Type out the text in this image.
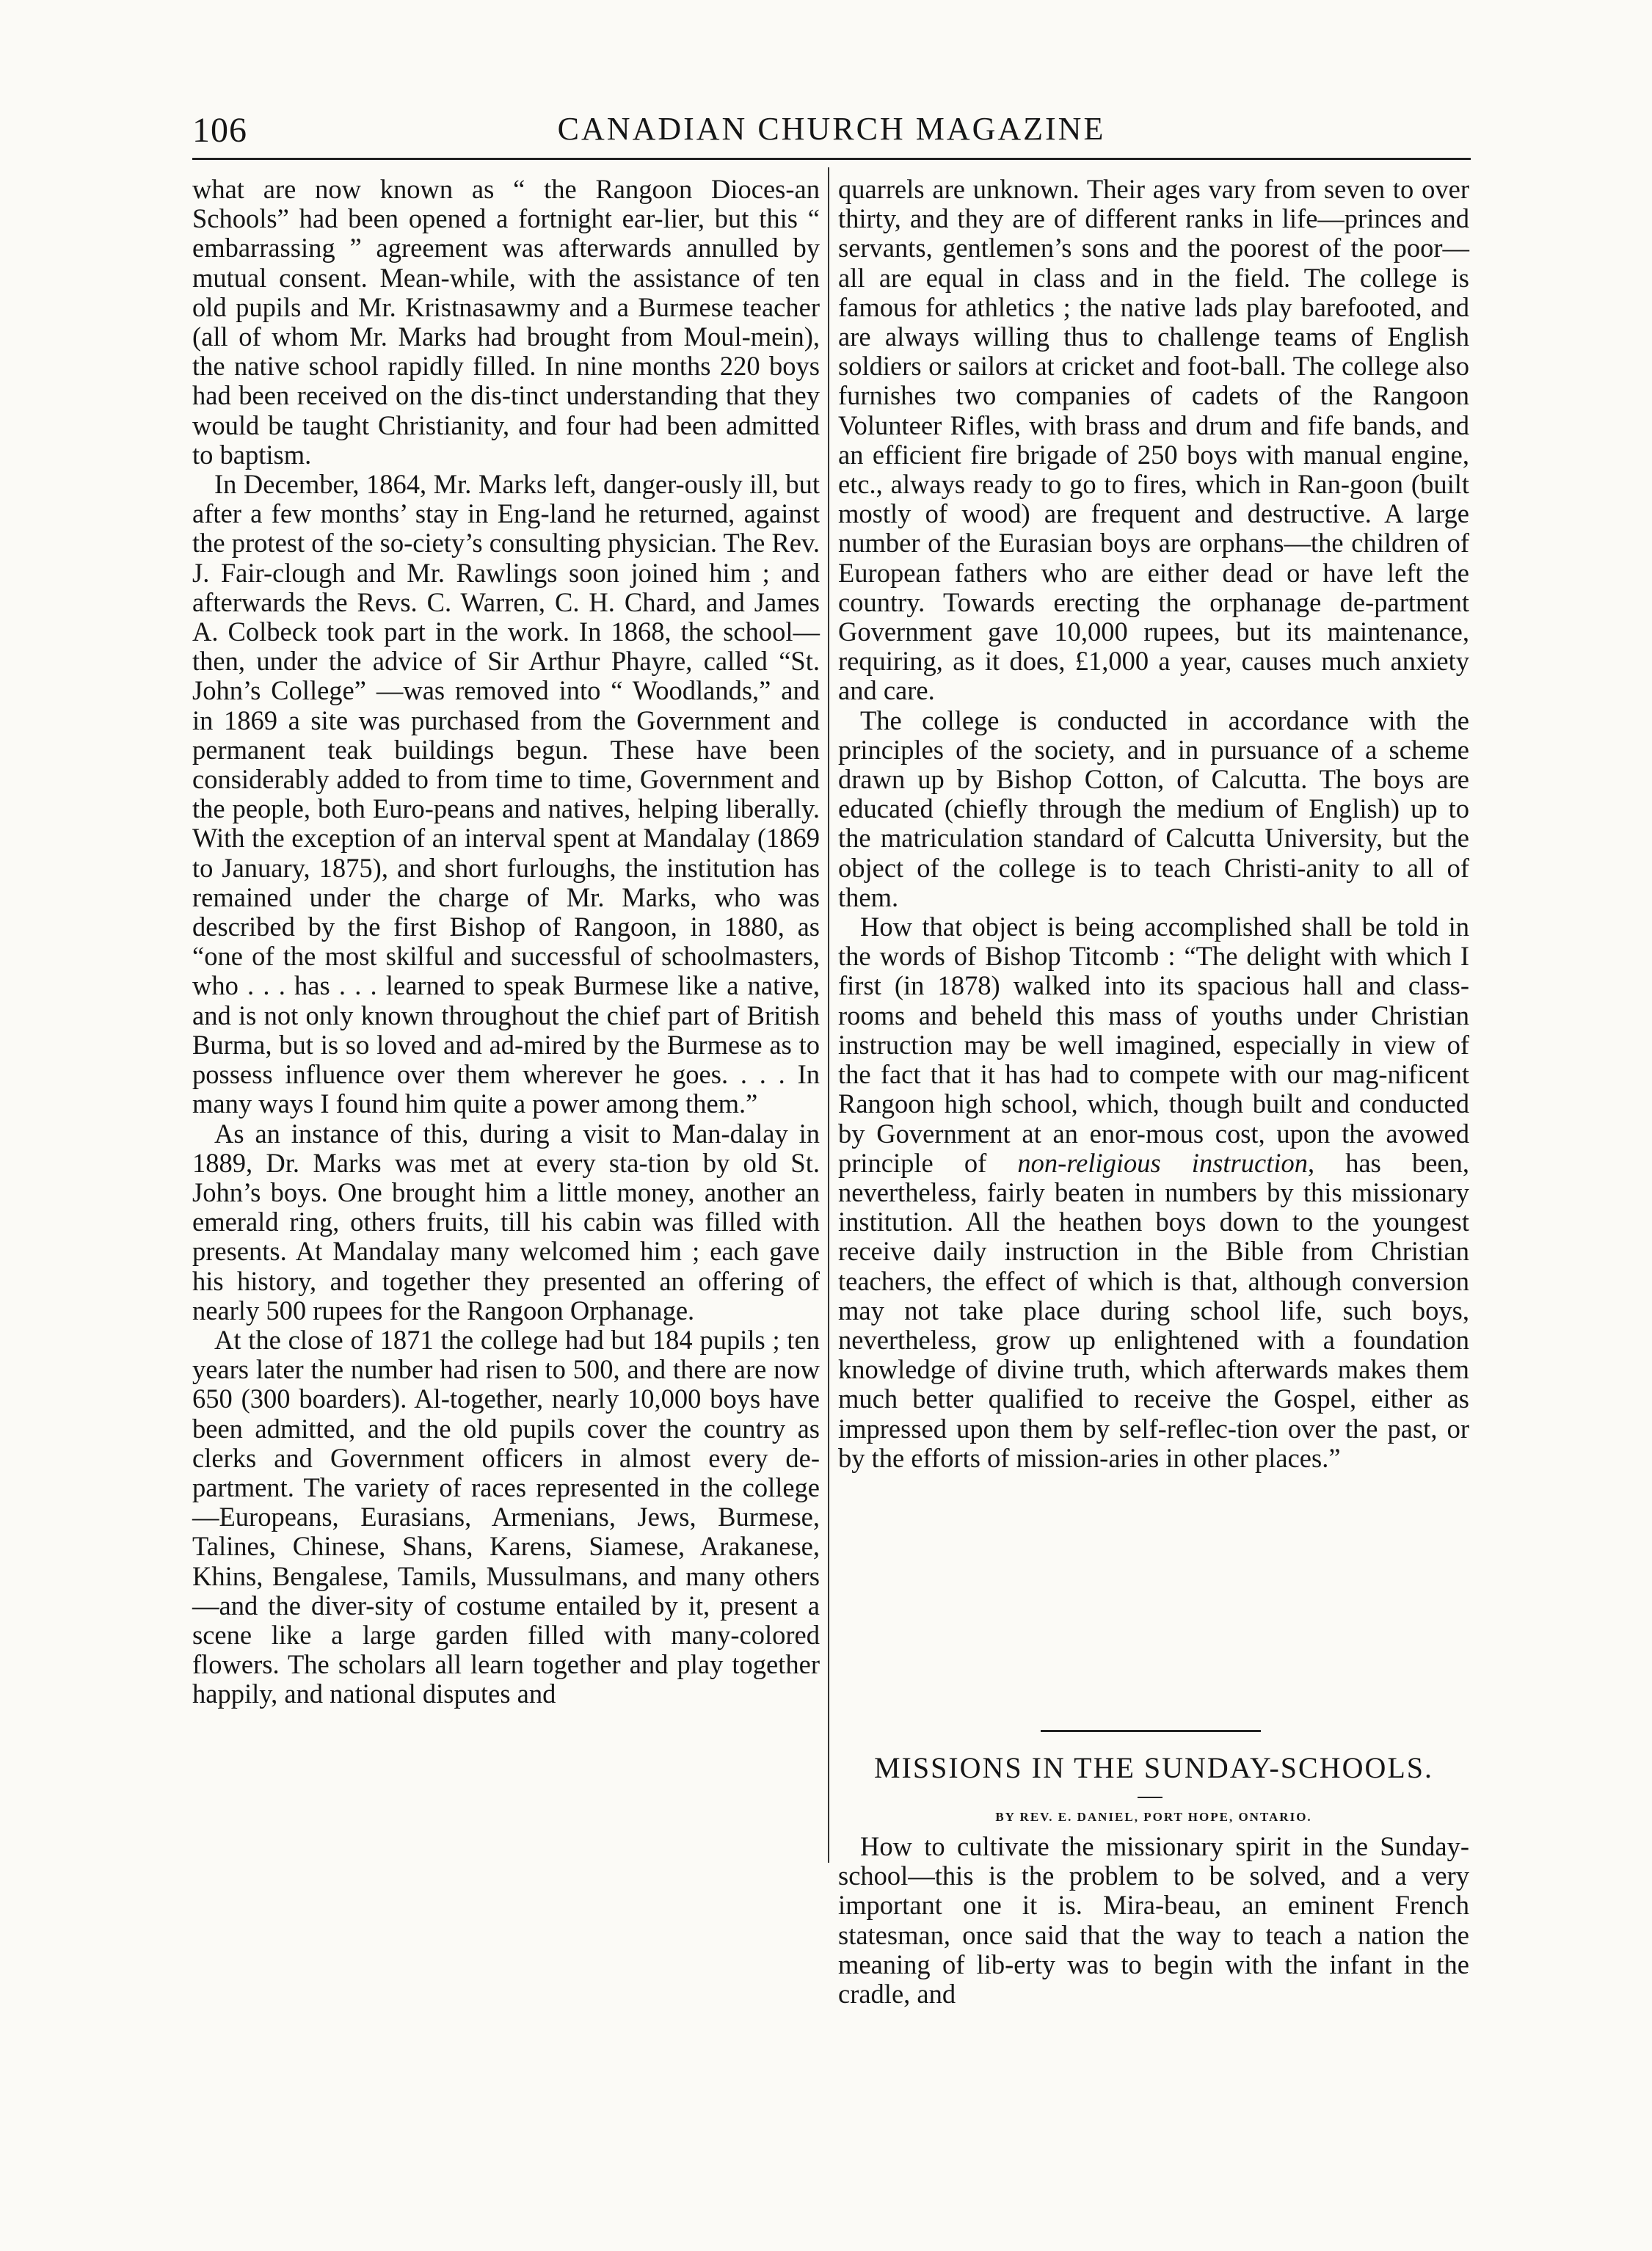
106	CANADIAN CHURCH MAGAZINE

what are now known as “ the Rangoon Dioces-an Schools” had been opened a fortnight ear-lier, but this “ embarrassing ” agreement was afterwards annulled by mutual consent. Mean-while, with the assistance of ten old pupils and Mr. Kristnasawmy and a Burmese teacher (all of whom Mr. Marks had brought from Moul-mein), the native school rapidly filled. In nine months 220 boys had been received on the dis-tinct understanding that they would be taught Christianity, and four had been admitted to baptism.

In December, 1864, Mr. Marks left, danger-ously ill, but after a few months’ stay in Eng-land he returned, against the protest of the so-ciety’s consulting physician. The Rev. J. Fair-clough and Mr. Rawlings soon joined him ; and afterwards the Revs. C. Warren, C. H. Chard, and James A. Colbeck took part in the work. In 1868, the school—then, under the advice of Sir Arthur Phayre, called “St. John’s College” —was removed into “ Woodlands,” and in 1869 a site was purchased from the Government and permanent teak buildings begun. These have been considerably added to from time to time, Government and the people, both Euro-peans and natives, helping liberally. With the exception of an interval spent at Mandalay (1869 to January, 1875), and short furloughs, the institution has remained under the charge of Mr. Marks, who was described by the first Bishop of Rangoon, in 1880, as “one of the most skilful and successful of schoolmasters, who . . . has . . . learned to speak Burmese like a native, and is not only known throughout the chief part of British Burma, but is so loved and ad-mired by the Burmese as to possess influence over them wherever he goes. . . . In many ways I found him quite a power among them.”

As an instance of this, during a visit to Man-dalay in 1889, Dr. Marks was met at every sta-tion by old St. John’s boys. One brought him a little money, another an emerald ring, others fruits, till his cabin was filled with presents. At Mandalay many welcomed him ; each gave his history, and together they presented an offering of nearly 500 rupees for the Rangoon Orphanage.

At the close of 1871 the college had but 184 pupils ; ten years later the number had risen to 500, and there are now 650 (300 boarders). Al-together, nearly 10,000 boys have been admitted, and the old pupils cover the country as clerks and Government officers in almost every de-partment. The variety of races represented in the college—Europeans, Eurasians, Armenians, Jews, Burmese, Talines, Chinese, Shans, Karens, Siamese, Arakanese, Khins, Bengalese, Tamils, Mussulmans, and many others—and the diver-sity of costume entailed by it, present a scene like a large garden filled with many-colored flowers. The scholars all learn together and play together happily, and national disputes and

quarrels are unknown. Their ages vary from seven to over thirty, and they are of different ranks in life—princes and servants, gentlemen’s sons and the poorest of the poor—all are equal in class and in the field. The college is famous for athletics ; the native lads play barefooted, and are always willing thus to challenge teams of English soldiers or sailors at cricket and foot-ball. The college also furnishes two companies of cadets of the Rangoon Volunteer Rifles, with brass and drum and fife bands, and an efficient fire brigade of 250 boys with manual engine, etc., always ready to go to fires, which in Ran-goon (built mostly of wood) are frequent and destructive. A large number of the Eurasian boys are orphans—the children of European fathers who are either dead or have left the country. Towards erecting the orphanage de-partment Government gave 10,000 rupees, but its maintenance, requiring, as it does, £1,000 a year, causes much anxiety and care.

The college is conducted in accordance with the principles of the society, and in pursuance of a scheme drawn up by Bishop Cotton, of Calcutta. The boys are educated (chiefly through the medium of English) up to the matriculation standard of Calcutta University, but the object of the college is to teach Christi-anity to all of them.

How that object is being accomplished shall be told in the words of Bishop Titcomb : “The delight with which I first (in 1878) walked into its spacious hall and class-rooms and beheld this mass of youths under Christian instruction may be well imagined, especially in view of the fact that it has had to compete with our mag-nificent Rangoon high school, which, though built and conducted by Government at an enor-mous cost, upon the avowed principle of non-religious instruction, has been, nevertheless, fairly beaten in numbers by this missionary institution. All the heathen boys down to the youngest receive daily instruction in the Bible from Christian teachers, the effect of which is that, although conversion may not take place during school life, such boys, nevertheless, grow up enlightened with a foundation knowledge of divine truth, which afterwards makes them much better qualified to receive the Gospel, either as impressed upon them by self-reflec-tion over the past, or by the efforts of mission-aries in other places.”

MISSIONS IN THE SUNDAY-SCHOOLS.
BY REV. E. DANIEL, PORT HOPE, ONTARIO.

How to cultivate the missionary spirit in the Sunday-school—this is the problem to be solved, and a very important one it is. Mira-beau, an eminent French statesman, once said that the way to teach a nation the meaning of lib-erty was to begin with the infant in the cradle, and
